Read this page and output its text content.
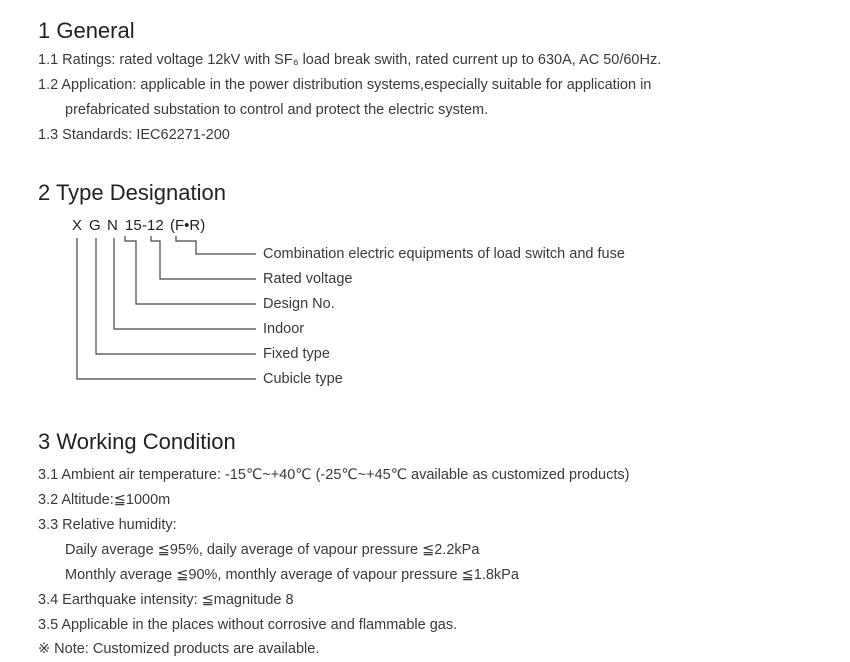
1 General
1.1 Ratings: rated voltage 12kV with SF₆ load break swith, rated current up to 630A, AC 50/60Hz.
1.2 Application: applicable in the power distribution systems,especially suitable for application in
prefabricated substation to control and protect the electric system.
1.3 Standards: IEC62271-200
2 Type Designation
X G N 15 -12 (F•R)
Combination electric equipments of load switch and fuse
Rated voltage
Design No.
Indoor
Fixed type
Cubicle type
3 Working Condition
3.1 Ambient air temperature: -15℃~+40℃ (-25℃~+45℃ available as customized products)
3.2 Altitude:≦1000m
3.3 Relative humidity:
Daily average ≦95%, daily average of vapour pressure ≦2.2kPa
Monthly average ≦90%, monthly average of vapour pressure ≦1.8kPa
3.4 Earthquake intensity: ≦magnitude 8
3.5 Applicable in the places without corrosive and flammable gas.
※ Note: Customized products are available.
